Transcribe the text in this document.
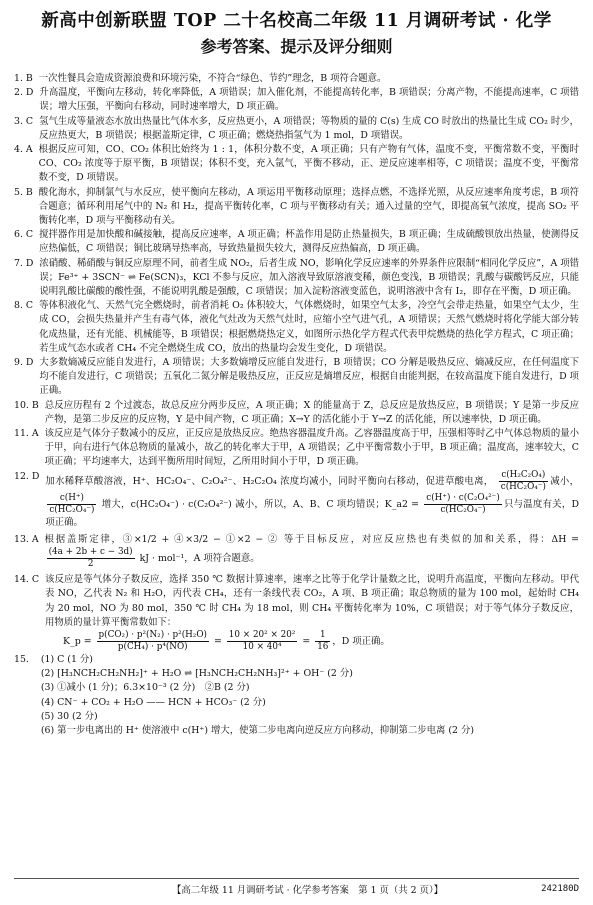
新高中创新联盟 TOP 二十名校高二年级 11 月调研考试 · 化学
参考答案、提示及评分细则
1. B 一次性餐具会造成资源浪费和环境污染，不符合“绿色、节约”理念，B 项符合题意。
2. D 升高温度，平衡向左移动，转化率降低，A 项错误；加入催化剂，不能提高转化率，B 项错误；分离产物，不能提高速率，C 项错误；增大压强，平衡向右移动，同时速率增大，D 项正确。
3. C 氢气生成等量液态水放出热量比气体水多，反应热更小，A 项错误；等物质的量的 C(s) 生成 CO 时放出的热量比生成 CO₂ 时少，反应热更大，B 项错误；根据盖斯定律，C 项正确；燃烧热指氢气为 1 mol，D 项错误。
4. A 根据反应可知，CO、CO₂ 体积比始终为 1 : 1，体积分数不变，A 项正确；只有产物有气体，温度不变，平衡常数不变，平衡时 CO、CO₂ 浓度等于原平衡，B 项错误；体积不变，充入氩气，平衡不移动，正、逆反应速率相等，C 项错误；温度不变，平衡常数不变，D 项错误。
5. B 酸化海水，抑制氯气与水反应，使平衡向左移动，A 项运用平衡移动原理；选择点燃，不选择光照，从反应速率角度考虑，B 项符合题意；循环利用尾气中的 N₂ 和 H₂，提高平衡转化率，C 项与平衡移动有关；通入过量的空气，即提高氧气浓度，提高 SO₂ 平衡转化率，D 项与平衡移动有关。
6. C 搅拌器作用是加快酸和碱接触，提高反应速率，A 项正确；杯盖作用是防止热量损失，B 项正确；生成硫酸钡放出热量，使测得反应热偏低，C 项错误；铜比玻璃导热率高，导致热量损失较大，测得反应热偏高，D 项正确。
7. D 浓硝酸、稀硝酸与铜反应原理不同，前者生成 NO₂，后者生成 NO，影响化学反应速率的外界条件应限制“相同化学反应”，A 项错误；Fe³⁺ + 3SCN⁻ ⇌ Fe(SCN)₃，KCl 不参与反应，加入溶液导致原溶液变稀，颜色变浅，B 项错误；乳酸与碳酸钙反应，只能说明乳酸比碳酸的酸性强，不能说明乳酸是强酸，C 项错误；加入淀粉溶液变蓝色，说明溶液中含有 I₂，即存在平衡，D 项正确。
8. C 等体积液化气、天然气完全燃烧时，前者消耗 O₂ 体积较大，气体燃烧时，如果空气太多，冷空气会带走热量，如果空气太少，生成 CO，会损失热量并产生有毒气体，液化气灶改为天然气灶时，应缩小空气进气孔，A 项错误；天然气燃烧时将化学能大部分转化成热量，还有光能、机械能等，B 项错误；根据燃烧热定义，如图所示热化学方程式代表甲烷燃烧的热化学方程式，C 项正确；若生成气态水或者 CH₄ 不完全燃烧生成 CO，放出的热量均会发生变化，D 项错误。
9. D 大多数熵减反应能自发进行，A 项错误；大多数熵增反应能自发进行，B 项错误；CO 分解是吸热反应、熵减反应，在任何温度下均不能自发进行，C 项错误；五氧化二氮分解是吸热反应，正反应是熵增反应，根据自由能判据，在较高温度下能自发进行，D 项正确。
10. B 总反应历程有 2 个过渡态，故总反应分两步反应，A 项正确；X 的能量高于 Z，总反应是放热反应，B 项错误；Y 是第一步反应产物，是第二步反应的反应物，Y 是中间产物，C 项正确；X→Y 的活化能小于 Y→Z 的活化能，所以速率快，D 项正确。
11. A 该反应是气体分子数减小的反应，正反应是放热反应。绝热容器温度升高。乙容器温度高于甲，压强相等时乙中气体总物质的量小于甲，向右进行气体总物质的量减小，故乙的转化率大于甲，A 项错误；乙中平衡常数小于甲，B 项正确；温度高，速率较大，C 项正确；平均速率大，达到平衡所用时间短，乙所用时间小于甲，D 项正确。
12. D 加水稀释草酸溶液，H⁺、HC₂O₄⁻、C₂O₄²⁻、H₂C₂O₄ 浓度均减小，同时平衡向右移动，促进草酸电离， $\frac{\text{c(H₂C₂O₄)}}{\text{c(HC₂O₄⁻)}}$ 减小，
$\frac{c(H^+)}{\text{c(HC₂O₄⁻)}}$ 增大，c(HC₂O₄⁻) · c(C₂O₄²⁻) 减小，所以，A、B、C 项均错误；K_a2 = $\frac{\text{c(H⁺) · c(C₂O₄²⁻)}}{\text{c(HC₂O₄⁻)}}$ 只与温度有关，D 项正确。
13. A 根据盖斯定律，③×1/2 + ④×3/2 − ①×2 − ② 等于目标反应，对应反应热也有类似的加和关系，得：ΔH =
$\frac{(4a + 2b + c - 3d)}{2}$ kJ · mol⁻¹，A 项符合题意。
14. C 该反应是等气体分子数反应，选择 350 ℃ 数据计算速率，速率之比等于化学计量数之比，说明升高温度，平衡向左移动。甲代表 NO，乙代表 N₂ 和 H₂O，丙代表 CH₄，还有一条线代表 CO₂，A 项、B 项正确；取总物质的量为 100 mol，起始时 CH₄ 为 20 mol，NO 为 80 mol，350 ℃ 时 CH₄ 为 18 mol，则 CH₄ 平衡转化率为 10%，C 项错误；对于等气体分子数反应，用物质的量计算平衡常数如下：
K_p = $\frac{\text{p(CO₂) · p²(N₂) · p²(H₂O)}}{\text{p(CH₄) · p⁴(NO)}} = \frac{\text{10 × 20² × 20²}}{\text{10 × 40⁴}} = \frac{1}{16}$ ，D 项正确。
15. (1) C (1 分)
(2) [H₃NCH₂CH₂NH₂]⁺ + H₂O ⇌ [H₃NCH₂CH₂NH₃]²⁺ + OH⁻ (2 分)
(3) ①减小 (1 分)；6.3×10⁻³ (2 分)　②B (2 分)
(4) CN⁻ + CO₂ + H₂O —— HCN + HCO₃⁻ (2 分)
(5) 30 (2 分)
(6) 第一步电离出的 H⁺ 使溶液中 c(H⁺) 增大，使第二步电离向逆反应方向移动，抑制第二步电离 (2 分)
【高二年级 11 月调研考试 · 化学参考答案　第 1 页（共 2 页）】	242180D
